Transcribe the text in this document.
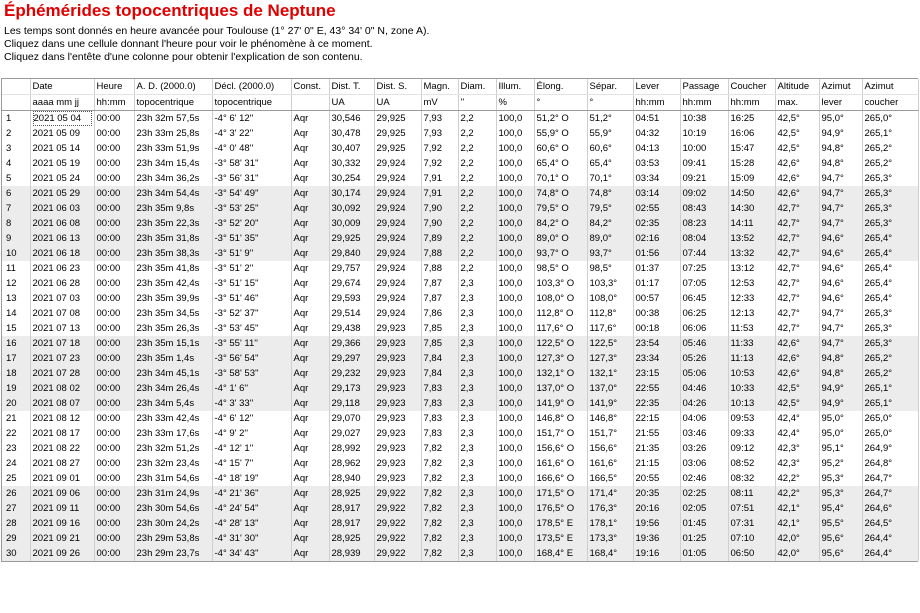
Éphémérides topocentriques de Neptune
Les temps sont donnés en heure avancée pour Toulouse (1° 27' 0" E, 43° 34' 0" N, zone A).
Cliquez dans une cellule donnant l'heure pour voir le phénomène à ce moment.
Cliquez dans l'entête d'une colonne pour obtenir l'explication de son contenu.
	Date	Heure	A. D. (2000.0)	Décl. (2000.0)	Const.	Dist. T.	Dist. S.	Magn.	Diam.	Illum.	Élong.	Sépar.	Lever	Passage	Coucher	Altitude	Azimut	Azimut
	aaaa mm jj	hh:mm	topocentrique	topocentrique		UA	UA	mV	''	%	°	°	hh:mm	hh:mm	hh:mm	max.	lever	coucher
1	2021 05 04	00:00	23h 32m 57,5s	-4° 6' 12''	Aqr	30,546	29,925	7,93	2,2	100,0	51,2° O	51,2°	04:51	10:38	16:25	42,5°	95,0°	265,0°
2	2021 05 09	00:00	23h 33m 25,8s	-4° 3' 22''	Aqr	30,478	29,925	7,93	2,2	100,0	55,9° O	55,9°	04:32	10:19	16:06	42,5°	94,9°	265,1°
3	2021 05 14	00:00	23h 33m 51,9s	-4° 0' 48''	Aqr	30,407	29,925	7,92	2,2	100,0	60,6° O	60,6°	04:13	10:00	15:47	42,5°	94,8°	265,2°
4	2021 05 19	00:00	23h 34m 15,4s	-3° 58' 31''	Aqr	30,332	29,924	7,92	2,2	100,0	65,4° O	65,4°	03:53	09:41	15:28	42,6°	94,8°	265,2°
5	2021 05 24	00:00	23h 34m 36,2s	-3° 56' 31''	Aqr	30,254	29,924	7,91	2,2	100,0	70,1° O	70,1°	03:34	09:21	15:09	42,6°	94,7°	265,3°
6	2021 05 29	00:00	23h 34m 54,4s	-3° 54' 49''	Aqr	30,174	29,924	7,91	2,2	100,0	74,8° O	74,8°	03:14	09:02	14:50	42,6°	94,7°	265,3°
7	2021 06 03	00:00	23h 35m 9,8s	-3° 53' 25''	Aqr	30,092	29,924	7,90	2,2	100,0	79,5° O	79,5°	02:55	08:43	14:30	42,7°	94,7°	265,3°
8	2021 06 08	00:00	23h 35m 22,3s	-3° 52' 20''	Aqr	30,009	29,924	7,90	2,2	100,0	84,2° O	84,2°	02:35	08:23	14:11	42,7°	94,7°	265,3°
9	2021 06 13	00:00	23h 35m 31,8s	-3° 51' 35''	Aqr	29,925	29,924	7,89	2,2	100,0	89,0° O	89,0°	02:16	08:04	13:52	42,7°	94,6°	265,4°
10	2021 06 18	00:00	23h 35m 38,3s	-3° 51' 9''	Aqr	29,840	29,924	7,88	2,2	100,0	93,7° O	93,7°	01:56	07:44	13:32	42,7°	94,6°	265,4°
11	2021 06 23	00:00	23h 35m 41,8s	-3° 51' 2''	Aqr	29,757	29,924	7,88	2,2	100,0	98,5° O	98,5°	01:37	07:25	13:12	42,7°	94,6°	265,4°
12	2021 06 28	00:00	23h 35m 42,4s	-3° 51' 15''	Aqr	29,674	29,924	7,87	2,3	100,0	103,3° O	103,3°	01:17	07:05	12:53	42,7°	94,6°	265,4°
13	2021 07 03	00:00	23h 35m 39,9s	-3° 51' 46''	Aqr	29,593	29,924	7,87	2,3	100,0	108,0° O	108,0°	00:57	06:45	12:33	42,7°	94,6°	265,4°
14	2021 07 08	00:00	23h 35m 34,5s	-3° 52' 37''	Aqr	29,514	29,924	7,86	2,3	100,0	112,8° O	112,8°	00:38	06:25	12:13	42,7°	94,7°	265,3°
15	2021 07 13	00:00	23h 35m 26,3s	-3° 53' 45''	Aqr	29,438	29,923	7,85	2,3	100,0	117,6° O	117,6°	00:18	06:06	11:53	42,7°	94,7°	265,3°
16	2021 07 18	00:00	23h 35m 15,1s	-3° 55' 11''	Aqr	29,366	29,923	7,85	2,3	100,0	122,5° O	122,5°	23:54	05:46	11:33	42,6°	94,7°	265,3°
17	2021 07 23	00:00	23h 35m 1,4s	-3° 56' 54''	Aqr	29,297	29,923	7,84	2,3	100,0	127,3° O	127,3°	23:34	05:26	11:13	42,6°	94,8°	265,2°
18	2021 07 28	00:00	23h 34m 45,1s	-3° 58' 53''	Aqr	29,232	29,923	7,84	2,3	100,0	132,1° O	132,1°	23:15	05:06	10:53	42,6°	94,8°	265,2°
19	2021 08 02	00:00	23h 34m 26,4s	-4° 1' 6''	Aqr	29,173	29,923	7,83	2,3	100,0	137,0° O	137,0°	22:55	04:46	10:33	42,5°	94,9°	265,1°
20	2021 08 07	00:00	23h 34m 5,4s	-4° 3' 33''	Aqr	29,118	29,923	7,83	2,3	100,0	141,9° O	141,9°	22:35	04:26	10:13	42,5°	94,9°	265,1°
21	2021 08 12	00:00	23h 33m 42,4s	-4° 6' 12''	Aqr	29,070	29,923	7,83	2,3	100,0	146,8° O	146,8°	22:15	04:06	09:53	42,4°	95,0°	265,0°
22	2021 08 17	00:00	23h 33m 17,6s	-4° 9' 2''	Aqr	29,027	29,923	7,83	2,3	100,0	151,7° O	151,7°	21:55	03:46	09:33	42,4°	95,0°	265,0°
23	2021 08 22	00:00	23h 32m 51,2s	-4° 12' 1''	Aqr	28,992	29,923	7,82	2,3	100,0	156,6° O	156,6°	21:35	03:26	09:12	42,3°	95,1°	264,9°
24	2021 08 27	00:00	23h 32m 23,4s	-4° 15' 7''	Aqr	28,962	29,923	7,82	2,3	100,0	161,6° O	161,6°	21:15	03:06	08:52	42,3°	95,2°	264,8°
25	2021 09 01	00:00	23h 31m 54,6s	-4° 18' 19''	Aqr	28,940	29,923	7,82	2,3	100,0	166,6° O	166,5°	20:55	02:46	08:32	42,2°	95,3°	264,7°
26	2021 09 06	00:00	23h 31m 24,9s	-4° 21' 36''	Aqr	28,925	29,922	7,82	2,3	100,0	171,5° O	171,4°	20:35	02:25	08:11	42,2°	95,3°	264,7°
27	2021 09 11	00:00	23h 30m 54,6s	-4° 24' 54''	Aqr	28,917	29,922	7,82	2,3	100,0	176,5° O	176,3°	20:16	02:05	07:51	42,1°	95,4°	264,6°
28	2021 09 16	00:00	23h 30m 24,2s	-4° 28' 13''	Aqr	28,917	29,922	7,82	2,3	100,0	178,5° E	178,1°	19:56	01:45	07:31	42,1°	95,5°	264,5°
29	2021 09 21	00:00	23h 29m 53,8s	-4° 31' 30''	Aqr	28,925	29,922	7,82	2,3	100,0	173,5° E	173,3°	19:36	01:25	07:10	42,0°	95,6°	264,4°
30	2021 09 26	00:00	23h 29m 23,7s	-4° 34' 43''	Aqr	28,939	29,922	7,82	2,3	100,0	168,4° E	168,4°	19:16	01:05	06:50	42,0°	95,6°	264,4°
